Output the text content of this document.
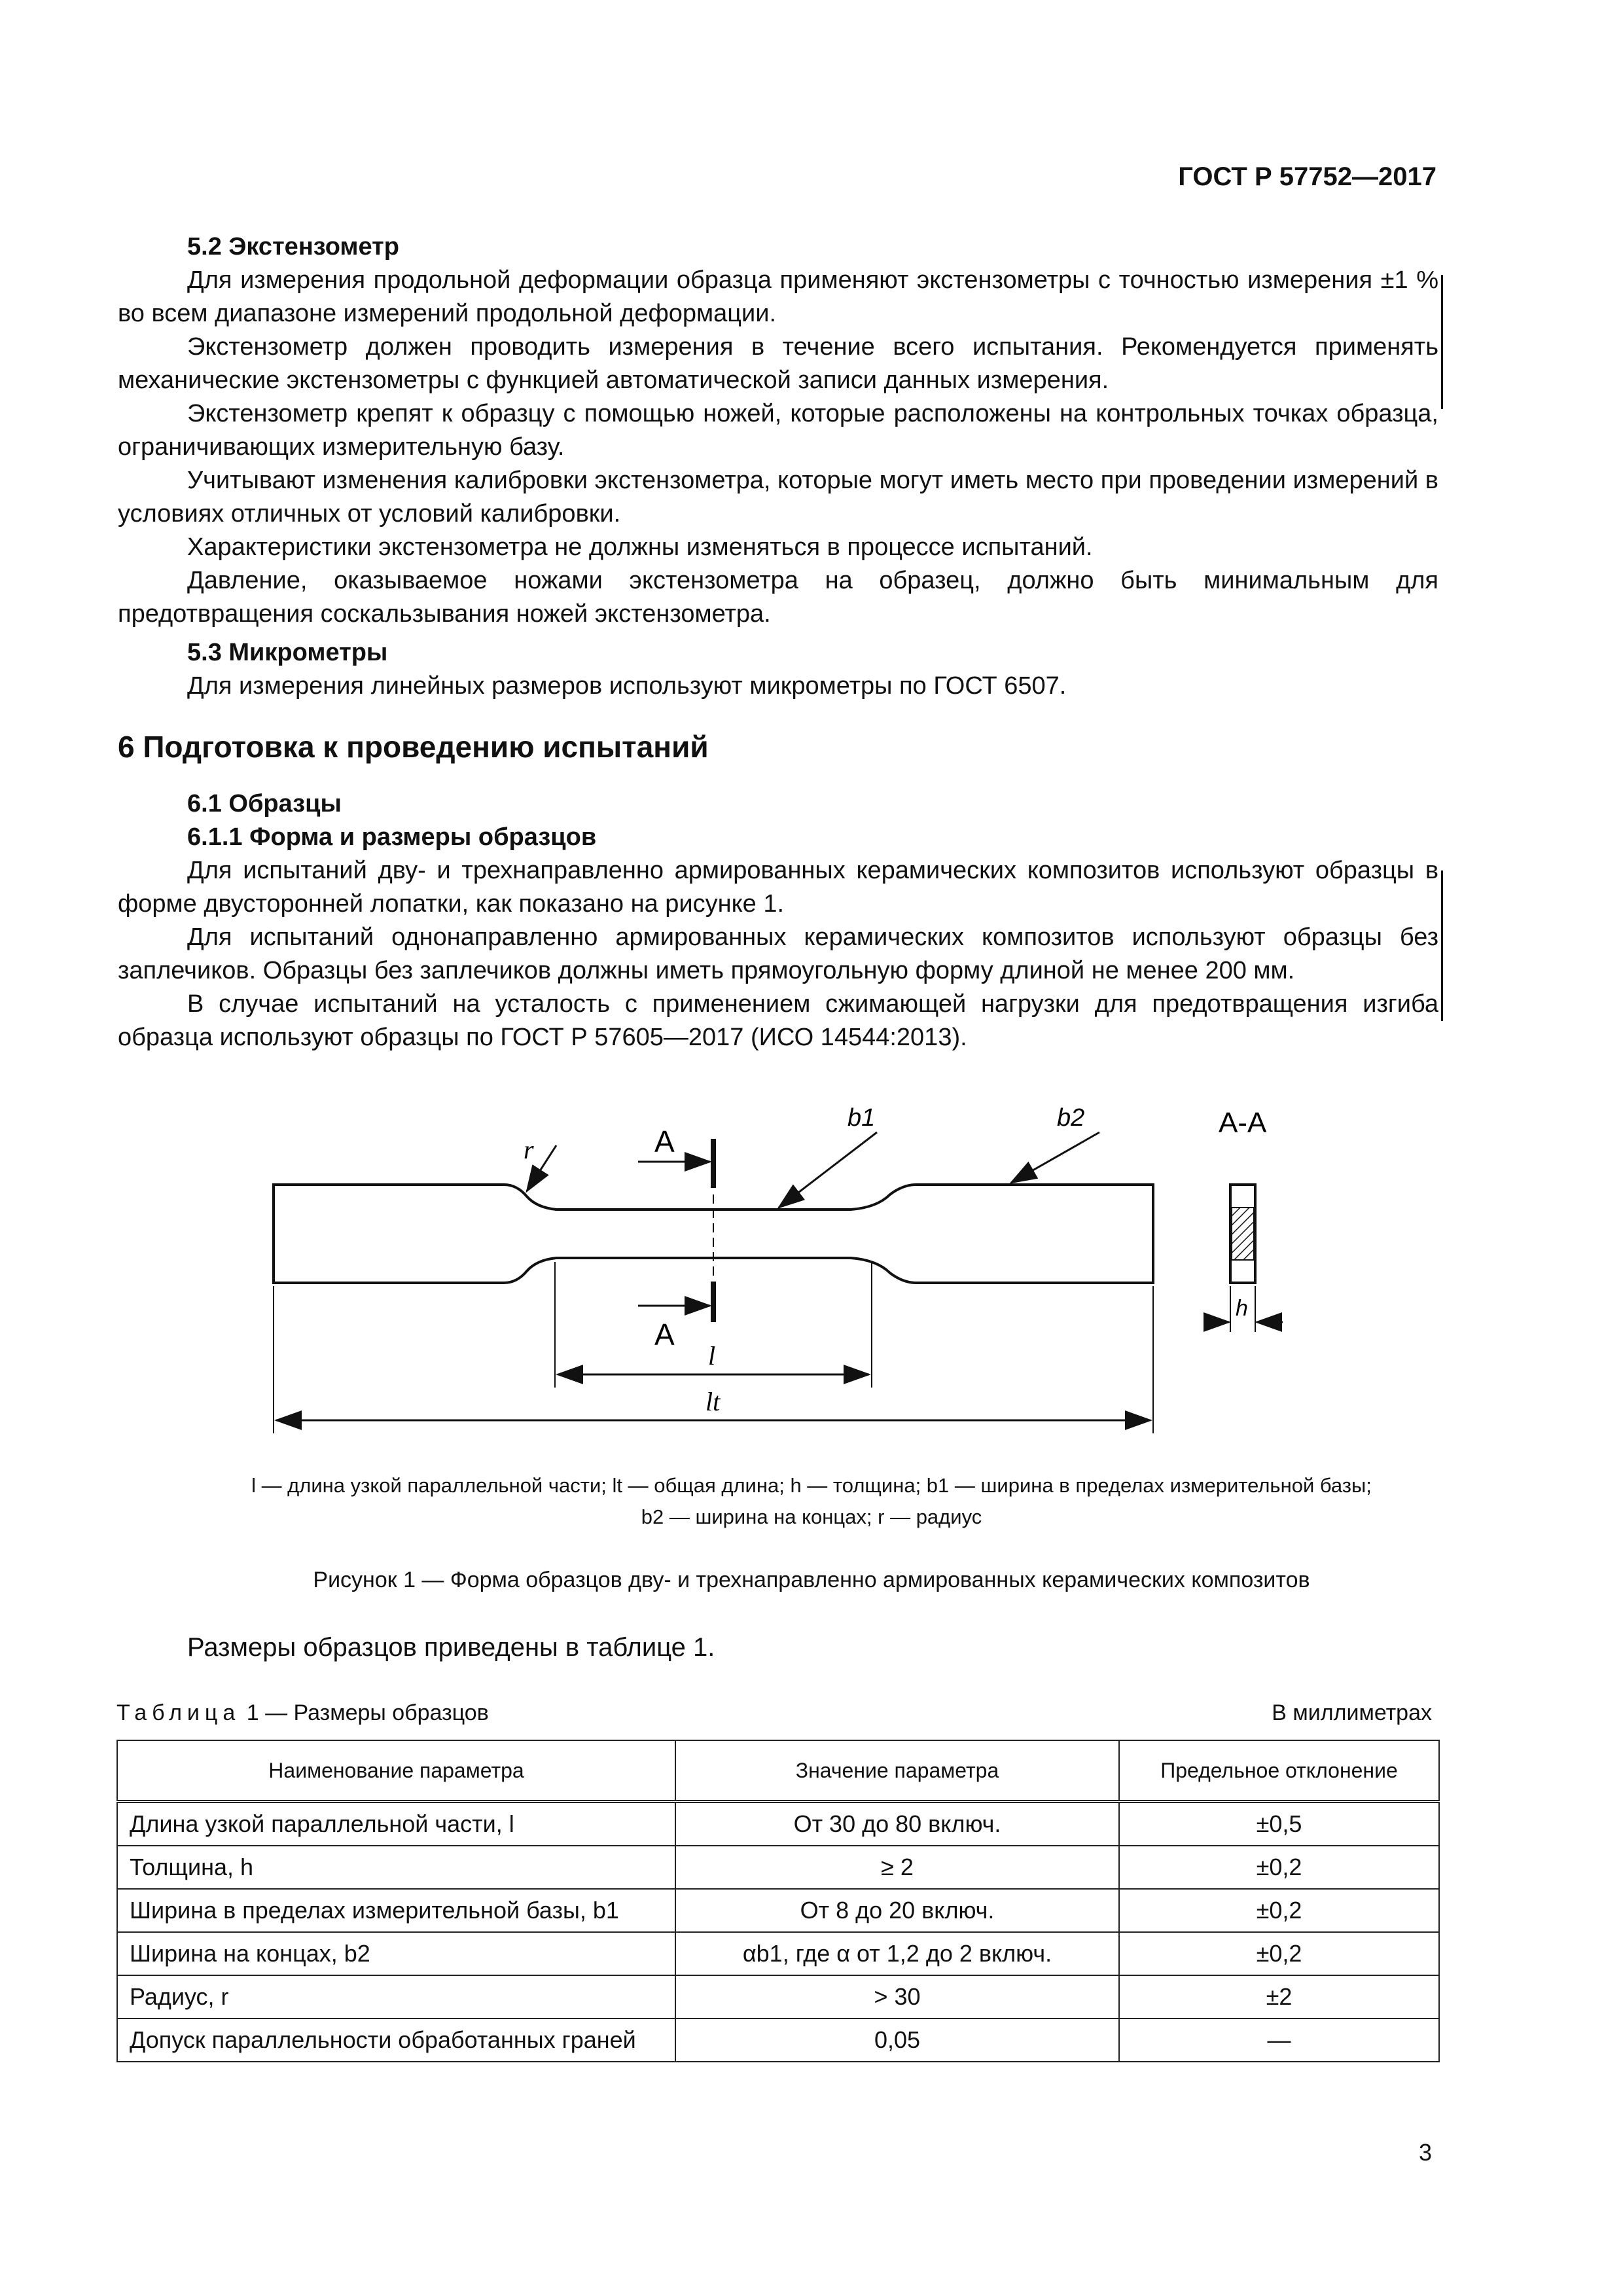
ГОСТ Р 57752—2017
5.2 Экстензометр

Для измерения продольной деформации образца применяют экстензометры с точностью измерения ±1 % во всем диапазоне измерений продольной деформации.

Экстензометр должен проводить измерения в течение всего испытания. Рекомендуется применять механические экстензометры с функцией автоматической записи данных измерения.

Экстензометр крепят к образцу с помощью ножей, которые расположены на контрольных точках образца, ограничивающих измерительную базу.

Учитывают изменения калибровки экстензометра, которые могут иметь место при проведении измерений в условиях отличных от условий калибровки.

Характеристики экстензометра не должны изменяться в процессе испытаний.

Давление, оказываемое ножами экстензометра на образец, должно быть минимальным для предотвращения соскальзывания ножей экстензометра.

5.3 Микрометры

Для измерения линейных размеров используют микрометры по ГОСТ 6507.

6 Подготовка к проведению испытаний
6.1 Образцы
6.1.1 Форма и размеры образцов

Для испытаний дву- и трехнаправленно армированных керамических композитов используют образцы в форме двусторонней лопатки, как показано на рисунке 1.

Для испытаний однонаправленно армированных керамических композитов используют образцы без заплечиков. Образцы без заплечиков должны иметь прямоугольную форму длиной не менее 200 мм.

В случае испытаний на усталость с применением сжимающей нагрузки для предотвращения изгиба образца используют образцы по ГОСТ Р 57605—2017 (ИСО 14544:2013).

А
А
r
b1	b2
l
lt
А-А
h
l — длина узкой параллельной части; lt — общая длина; h — толщина; b1 — ширина в пределах измерительной базы;
b2 — ширина на концах; r — радиус
Рисунок 1 — Форма образцов дву- и трехнаправленно армированных керамических композитов
Размеры образцов приведены в таблице 1.
Таблица 1 — Размеры образцов	В миллиметрах
Наименование параметра	Значение параметра	Предельное отклонение
Длина узкой параллельной части, l	От 30 до 80 включ.	±0,5
Толщина, h	≥ 2	±0,2
Ширина в пределах измерительной базы, b1	От 8 до 20 включ.	±0,2
Ширина на концах, b2	αb1, где α от 1,2 до 2 включ.	±0,2
Радиус, r	> 30	±2
Допуск параллельности обработанных граней	0,05	—
3
